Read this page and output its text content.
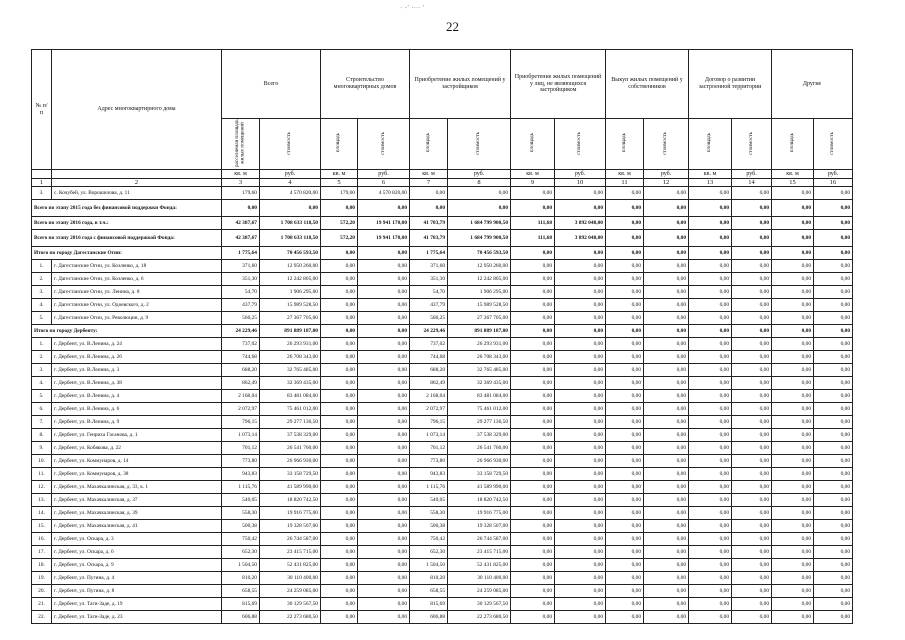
· -’ ···· ’
22
№ п/п	Адрес многоквартирного дома	Всего		Строительство многоквартирных домов		Приобретение жилых помещений у застройщиков		Приобретение жилых помещений у лиц, не являющихся застройщиком		Выкуп жилых помещений у собственников		Договор о развитии застроенной территории		Другие	
		расселяемая площадь жилых помещений	стоимость	площадь	стоимость	площадь	стоимость	площадь	стоимость	площадь	стоимость	площадь	стоимость	площадь	стоимость
		кв. м	руб.	кв. м	руб.	кв. м	руб.	кв. м	руб.	кв. м	руб.	кв. м	руб.	кв. м	руб.
1	2	3	4	5	6	7	8	9	10	11	12	13	14	15	16
3.	с. Кочубей, ул. Ворошилова, д. 11	179,60	4 570 820,00	179,60	4 570 820,00	0,00	0,00	0,00	0,00	0,00	0,00	0,00	0,00	0,00	0,00
Всего по этапу 2015 года без финансовой поддержки Фонда:		0,00	0,00	0,00	0,00	0,00	0,00	0,00	0,00	0,00	0,00	0,00	0,00	0,00	0,00
Всего по этапу 2016 года, в т.ч.:		42 387,67	1 708 633 118,50	572,20	19 941 170,00	41 703,79	1 684 799 900,50	111,68	3 892 048,00	0,00	0,00	0,00	0,00	0,00	0,00
Всего по этапу 2016 года с финансовой поддержкой Фонда:		42 387,67	1 708 633 118,50	572,20	19 941 170,00	41 703,79	1 684 799 900,50	111,68	3 892 048,00	0,00	0,00	0,00	0,00	0,00	0,00
Итого по городу Дагестанские Огни:		1 775,64	70 456 593,50	0,00	0,00	1 775,64	70 456 593,50	0,00	0,00	0,00	0,00	0,00	0,00	0,00	0,00
1.	г. Дагестанские Огни, ул. Козленко, д. 18	371,60	12 950 260,00	0,00	0,00	371,60	12 950 260,00	0,00	0,00	0,00	0,00	0,00	0,00	0,00	0,00
2.	г. Дагестанские Огни, ул. Козленко, д. 6	351,30	12 242 805,00	0,00	0,00	351,30	12 242 805,00	0,00	0,00	0,00	0,00	0,00	0,00	0,00	0,00
3.	г. Дагестанские Огни, ул. Ленина, д. 8	54,70	1 906 295,00	0,00	0,00	54,70	1 906 295,00	0,00	0,00	0,00	0,00	0,00	0,00	0,00	0,00
4.	г. Дагестанские Огни, ул. Одоевского, д. 2	437,79	15 989 528,50	0,00	0,00	437,79	15 989 528,50	0,00	0,00	0,00	0,00	0,00	0,00	0,00	0,00
5.	г. Дагестанские Огни, ул. Революции, д. 9	560,25	27 367 705,00	0,00	0,00	560,25	27 367 705,00	0,00	0,00	0,00	0,00	0,00	0,00	0,00	0,00
Итого по городу Дербенту:		24 229,46	891 889 187,00	0,00	0,00	24 229,46	891 889 187,00	0,00	0,00	0,00	0,00	0,00	0,00	0,00	0,00
1.	г. Дербент, ул. В.Ленина, д. 24	737,02	26 293 931,00	0,00	0,00	737,02	26 293 931,00	0,00	0,00	0,00	0,00	0,00	0,00	0,00	0,00
2.	г. Дербент, ул. В.Ленина, д. 26	744,68	26 708 343,00	0,00	0,00	744,68	26 708 343,00	0,00	0,00	0,00	0,00	0,00	0,00	0,00	0,00
3.	г. Дербент, ул. В.Ленина, д. 3	688,20	32 765 485,00	0,00	0,00	688,20	32 765 485,00	0,00	0,00	0,00	0,00	0,00	0,00	0,00	0,00
4.	г. Дербент, ул. В.Ленина, д. 38	862,49	32 369 435,00	0,00	0,00	862,49	32 369 435,00	0,00	0,00	0,00	0,00	0,00	0,00	0,00	0,00
5.	г. Дербент, ул. В.Ленина, д. 4	2 168,04	83 481 084,00	0,00	0,00	2 168,04	83 481 084,00	0,00	0,00	0,00	0,00	0,00	0,00	0,00	0,00
6.	г. Дербент, ул. В.Ленина, д. 6	2 072,97	75 461 012,00	0,00	0,00	2 072,97	75 461 012,00	0,00	0,00	0,00	0,00	0,00	0,00	0,00	0,00
7.	г. Дербент, ул. В.Ленина, д. 9	796,15	29 277 136,50	0,00	0,00	796,15	29 277 136,50	0,00	0,00	0,00	0,00	0,00	0,00	0,00	0,00
8.	г. Дербент, ул. Генриха Гасанова, д. 1	1 073,14	37 538 329,00	0,00	0,00	1 073,14	37 538 329,00	0,00	0,00	0,00	0,00	0,00	0,00	0,00	0,00
9.	г. Дербент, ул. Кобякова, д. 22	701,12	26 541 760,00	0,00	0,00	701,12	26 541 760,00	0,00	0,00	0,00	0,00	0,00	0,00	0,00	0,00
10.	г. Дербент, ул. Коммунаров, д. 14	773,80	26 966 930,00	0,00	0,00	773,80	26 966 930,00	0,00	0,00	0,00	0,00	0,00	0,00	0,00	0,00
11.	г. Дербент, ул. Коммунаров, д. 38	943,83	33 158 729,50	0,00	0,00	943,83	33 158 729,50	0,00	0,00	0,00	0,00	0,00	0,00	0,00	0,00
12.	г. Дербент, ул. Махачкалинская, д. 33, к. 1	1 115,76	41 589 990,00	0,00	0,00	1 115,76	41 589 990,00	0,00	0,00	0,00	0,00	0,00	0,00	0,00	0,00
13.	г. Дербент, ул. Махачкалинская, д. 37	540,05	18 820 742,50	0,00	0,00	540,05	18 820 742,50	0,00	0,00	0,00	0,00	0,00	0,00	0,00	0,00
14.	г. Дербент, ул. Махачкалинская, д. 39	558,30	19 916 775,00	0,00	0,00	558,30	19 916 775,00	0,00	0,00	0,00	0,00	0,00	0,00	0,00	0,00
15.	г. Дербент, ул. Махачкалинская, д. 41	500,38	19 328 507,00	0,00	0,00	500,38	19 328 507,00	0,00	0,00	0,00	0,00	0,00	0,00	0,00	0,00
16.	г. Дербент, ул. Оскара, д. 3	750,42	26 744 587,00	0,00	0,00	750,42	26 744 587,00	0,00	0,00	0,00	0,00	0,00	0,00	0,00	0,00
17.	г. Дербент, ул. Оскара, д. 6	652,30	23 415 715,00	0,00	0,00	652,30	23 415 715,00	0,00	0,00	0,00	0,00	0,00	0,00	0,00	0,00
18.	г. Дербент, ул. Оскара, д. 9	1 504,50	52 431 825,00	0,00	0,00	1 504,50	52 431 825,00	0,00	0,00	0,00	0,00	0,00	0,00	0,00	0,00
19.	г. Дербент, ул. Пугина, д. 4	810,20	30 110 400,00	0,00	0,00	810,20	30 110 400,00	0,00	0,00	0,00	0,00	0,00	0,00	0,00	0,00
20.	г. Дербент, ул. Пугина, д. 8	658,55	24 259 085,00	0,00	0,00	658,55	24 259 085,00	0,00	0,00	0,00	0,00	0,00	0,00	0,00	0,00
21.	г. Дербент, ул. Таги-Заде, д. 19	815,69	30 129 567,50	0,00	0,00	815,69	30 129 567,50	0,00	0,00	0,00	0,00	0,00	0,00	0,00	0,00
22.	г. Дербент, ул. Таги-Заде, д. 23	606,88	22 273 680,50	0,00	0,00	606,88	22 273 680,50	0,00	0,00	0,00	0,00	0,00	0,00	0,00	0,00
